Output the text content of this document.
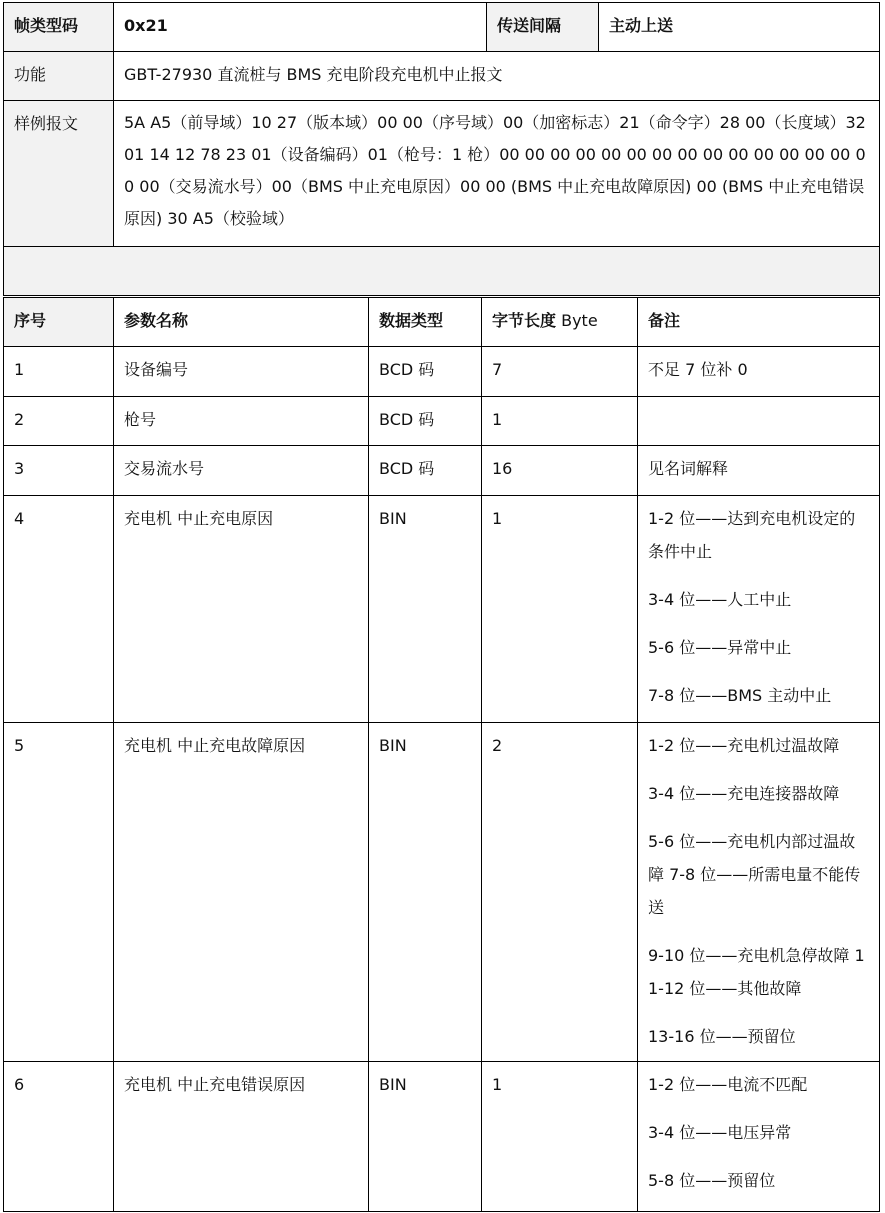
帧类型码	0x21	传送间隔	主动上送
功能	GBT-27930 直流桩与 BMS 充电阶段充电机中止报文		
样例报文	5A A5（前导域）10 27（版本域）00 00（序号域）00（加密标志）21（命令字）28 00（长度域）32 01 14 12 78 23 01（设备编码）01（枪号：1 枪）00 00 00 00 00 00 00 00 00 00 00 00 00 00 00 00（交易流水号）00（BMS 中止充电原因）00 00 (BMS 中止充电故障原因) 00 (BMS 中止充电错误原因) 30 A5（校验域）		

序号	参数名称	数据类型	字节长度 Byte	备注
1	设备编号	BCD 码	7	不足 7 位补 0

2	枪号	BCD 码	1	
3	交易流水号	BCD 码	16	见名词解释

4	充电机 中止充电原因	BIN	1	1-2 位——达到充电机设定的条件中止
3-4 位——人工中止
5-6 位——异常中止
7-8 位——BMS 主动中止

5	充电机 中止充电故障原因	BIN	2	1-2 位——充电机过温故障
3-4 位——充电连接器故障
5-6 位——充电机内部过温故障 7-8 位——所需电量不能传送
9-10 位——充电机急停故障 11-12 位——其他故障
13-16 位——预留位

6	充电机 中止充电错误原因	BIN	1	1-2 位——电流不匹配
3-4 位——电压异常
5-8 位——预留位
